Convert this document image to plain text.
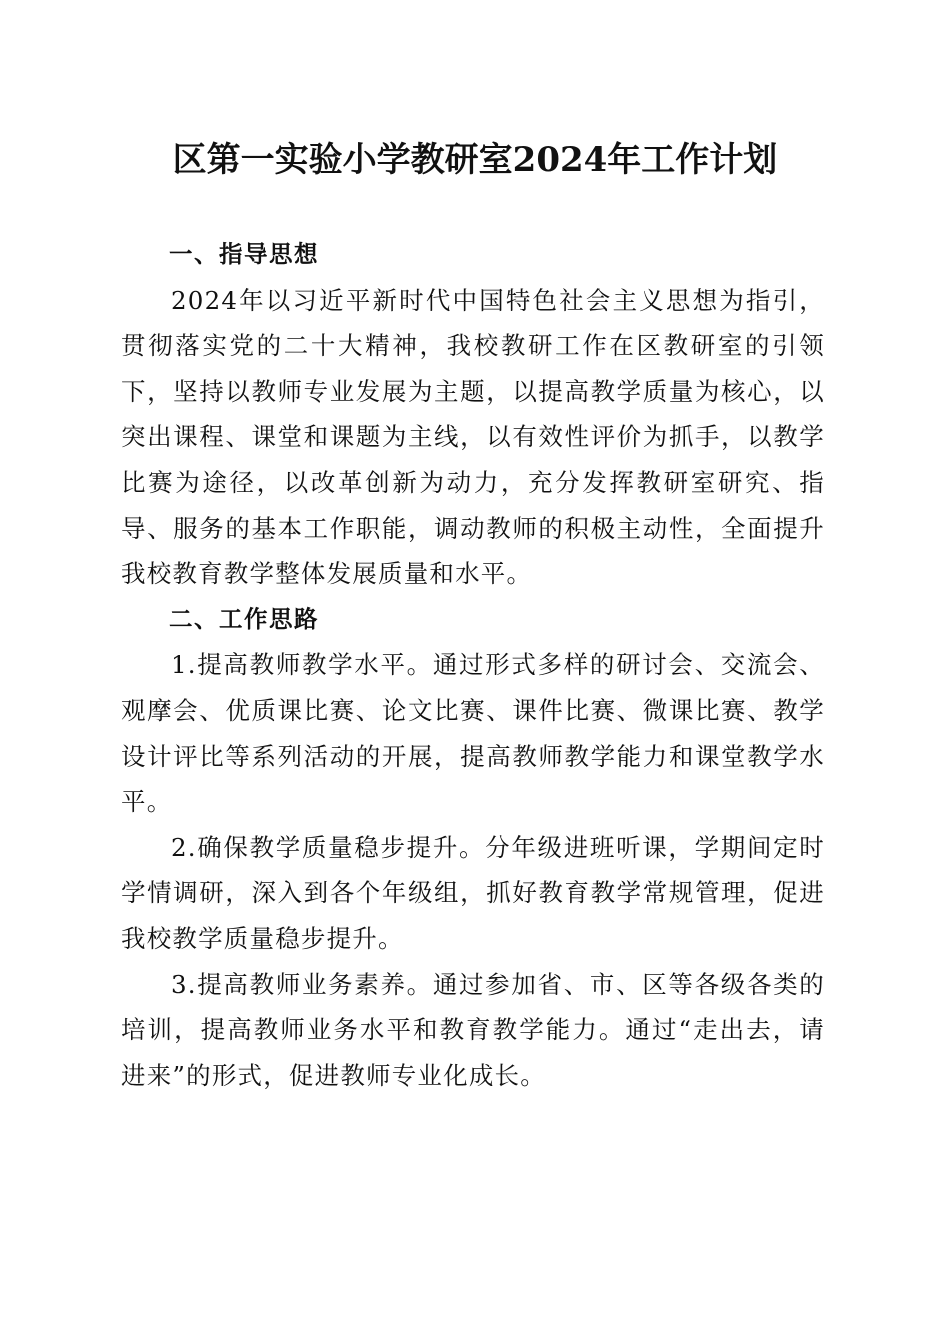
区第一实验小学教研室2024年工作计划

一、指导思想

2024年以习近平新时代中国特色社会主义思想为指引，贯彻落实党的二十大精神，我校教研工作在区教研室的引领下，坚持以教师专业发展为主题，以提高教学质量为核心，以突出课程、课堂和课题为主线，以有效性评价为抓手，以教学比赛为途径，以改革创新为动力，充分发挥教研室研究、指导、服务的基本工作职能，调动教师的积极主动性，全面提升我校教育教学整体发展质量和水平。

二、工作思路

1.提高教师教学水平。通过形式多样的研讨会、交流会、观摩会、优质课比赛、论文比赛、课件比赛、微课比赛、教学设计评比等系列活动的开展，提高教师教学能力和课堂教学水平。

2.确保教学质量稳步提升。分年级进班听课，学期间定时学情调研，深入到各个年级组，抓好教育教学常规管理，促进我校教学质量稳步提升。

3.提高教师业务素养。通过参加省、市、区等各级各类的培训，提高教师业务水平和教育教学能力。通过“走出去，请进来”的形式，促进教师专业化成长。
